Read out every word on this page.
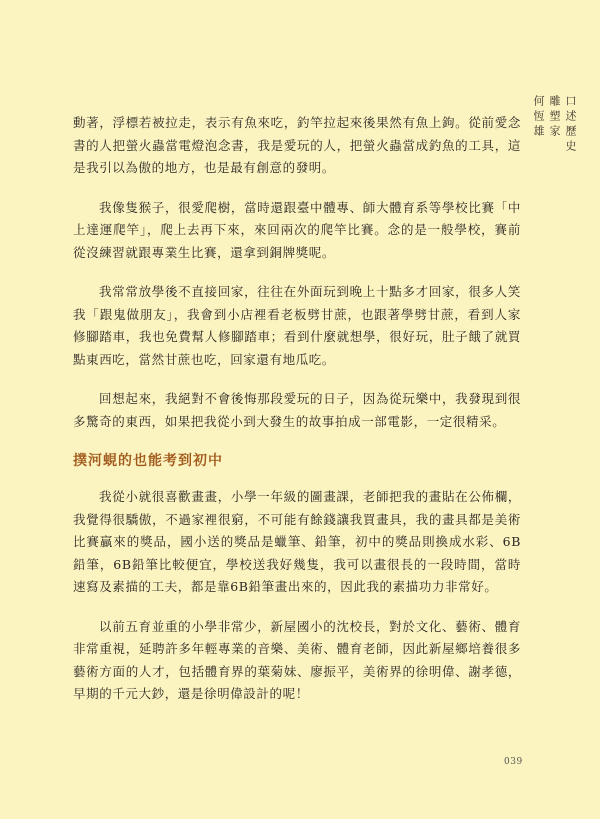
口述歷史
雕塑家
何恆雄

動著，浮標若被拉走，表示有魚來吃，釣竿拉起來後果然有魚上鉤。從前愛念書的人把螢火蟲當電燈泡念書，我是愛玩的人，把螢火蟲當成釣魚的工具，這是我引以為傲的地方，也是最有創意的發明。

我像隻猴子，很愛爬樹，當時還跟臺中體專、師大體育系等學校比賽「中上達運爬竿」，爬上去再下來，來回兩次的爬竿比賽。念的是一般學校，賽前從沒練習就跟專業生比賽，還拿到銅牌獎呢。

我常常放學後不直接回家，往往在外面玩到晚上十點多才回家，很多人笑我「跟鬼做朋友」，我會到小店裡看老板劈甘蔗，也跟著學劈甘蔗，看到人家修腳踏車，我也免費幫人修腳踏車；看到什麼就想學，很好玩，肚子餓了就買點東西吃，當然甘蔗也吃，回家還有地瓜吃。

回想起來，我絕對不會後悔那段愛玩的日子，因為從玩樂中，我發現到很多驚奇的東西，如果把我從小到大發生的故事拍成一部電影，一定很精采。

撲河蜆的也能考到初中

我從小就很喜歡畫畫，小學一年級的圖畫課，老師把我的畫貼在公佈欄，我覺得很驕傲，不過家裡很窮，不可能有餘錢讓我買畫具，我的畫具都是美術比賽贏來的獎品，國小送的獎品是蠟筆、鉛筆，初中的獎品則換成水彩、6B鉛筆，6B鉛筆比較便宜，學校送我好幾隻，我可以畫很長的一段時間，當時速寫及素描的工夫，都是靠6B鉛筆畫出來的，因此我的素描功力非常好。

以前五育並重的小學非常少，新屋國小的沈校長，對於文化、藝術、體育非常重視，延聘許多年輕專業的音樂、美術、體育老師，因此新屋鄉培養很多藝術方面的人才，包括體育界的葉菊妹、廖振平，美術界的徐明偉、謝孝德，早期的千元大鈔，還是徐明偉設計的呢！

039
